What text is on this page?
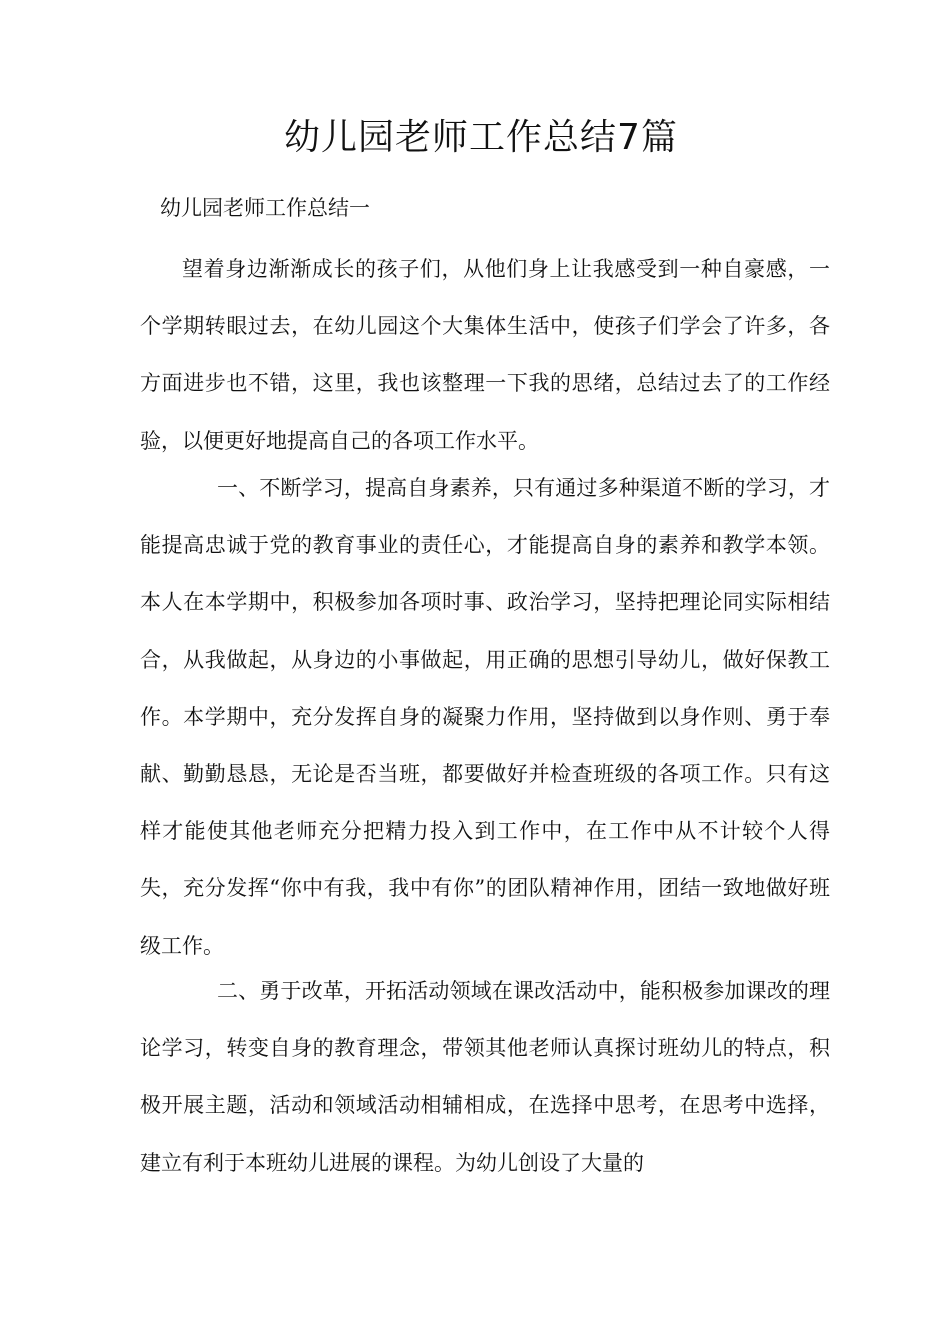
幼儿园老师工作总结7篇

幼儿园老师工作总结一

望着身边渐渐成长的孩子们，从他们身上让我感受到一种自豪感，一个学期转眼过去，在幼儿园这个大集体生活中，使孩子们学会了许多，各方面进步也不错，这里，我也该整理一下我的思绪，总结过去了的工作经验，以便更好地提高自己的各项工作水平。

一、不断学习，提高自身素养，只有通过多种渠道不断的学习，才能提高忠诚于党的教育事业的责任心，才能提高自身的素养和教学本领。本人在本学期中，积极参加各项时事、政治学习，坚持把理论同实际相结合，从我做起，从身边的小事做起，用正确的思想引导幼儿，做好保教工作。本学期中，充分发挥自身的凝聚力作用，坚持做到以身作则、勇于奉献、勤勤恳恳，无论是否当班，都要做好并检查班级的各项工作。只有这样才能使其他老师充分把精力投入到工作中，在工作中从不计较个人得失，充分发挥“你中有我，我中有你”的团队精神作用，团结一致地做好班级工作。

二、勇于改革，开拓活动领域在课改活动中，能积极参加课改的理论学习，转变自身的教育理念，带领其他老师认真探讨班幼儿的特点，积极开展主题，活动和领域活动相辅相成，在选择中思考，在思考中选择，建立有利于本班幼儿进展的课程。为幼儿创设了大量的
